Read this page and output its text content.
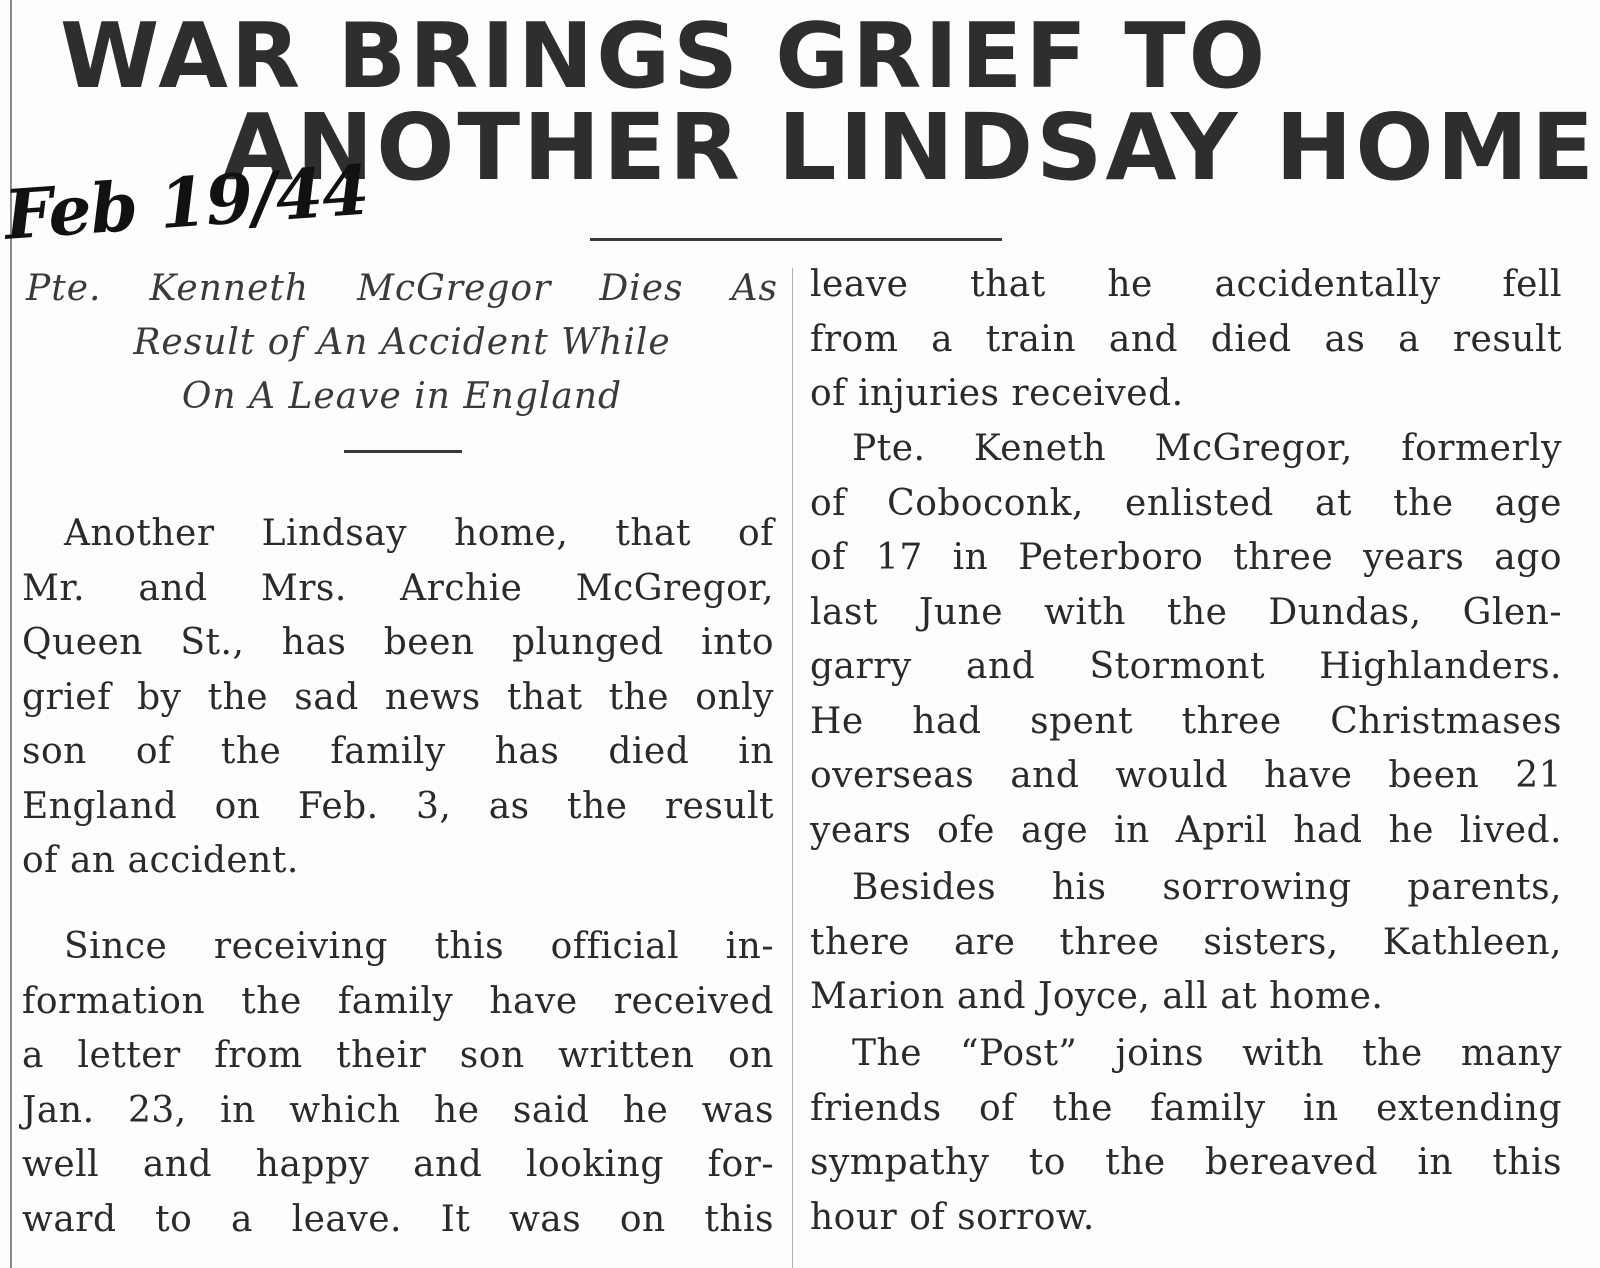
WAR BRINGS GRIEF TO
ANOTHER LINDSAY HOME
Feb 19/44
Pte. Kenneth McGregor Dies As
Result of An Accident While
On A Leave in England
Another Lindsay home, that of
Mr. and Mrs. Archie McGregor,
Queen St., has been plunged into
grief by the sad news that the only
son of the family has died in
England on Feb. 3, as the result
of an accident.
Since receiving this official in-
formation the family have received
a letter from their son written on
Jan. 23, in which he said he was
well and happy and looking for-
ward to a leave. It was on this
leave that he accidentally fell
from a train and died as a result
of injuries received.
Pte. Keneth McGregor, formerly
of Coboconk, enlisted at the age
of 17 in Peterboro three years ago
last June with the Dundas, Glen-
garry and Stormont Highlanders.
He had spent three Christmases
overseas and would have been 21
years ofe age in April had he lived.
Besides his sorrowing parents,
there are three sisters, Kathleen,
Marion and Joyce, all at home.
The “Post” joins with the many
friends of the family in extending
sympathy to the bereaved in this
hour of sorrow.
